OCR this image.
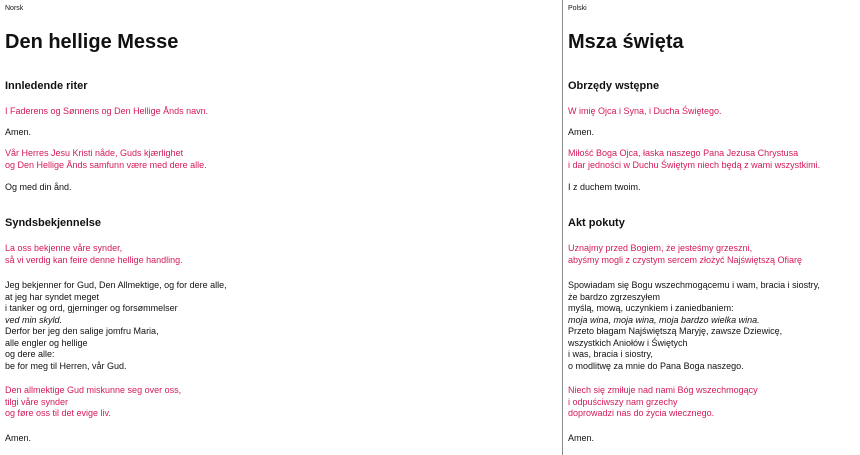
Norsk
Den hellige Messe
Innledende riter
I Faderens og Sønnens og Den Hellige Ånds navn.
Amen.
Vår Herres Jesu Kristi nåde, Guds kjærlighet
og Den Hellige Ånds samfunn være med dere alle.
Og med din ånd.
Syndsbekjennelse
La oss bekjenne våre synder,
så vi verdig kan feire denne hellige handling.
Jeg bekjenner for Gud, Den Allmektige, og for dere alle,
at jeg har syndet meget
i tanker og ord, gjerninger og forsømmelser
ved min skyld.
Derfor ber jeg den salige jomfru Maria,
alle engler og hellige
og dere alle:
be for meg til Herren, vår Gud.
Den allmektige Gud miskunne seg over oss,
tilgi våre synder
og føre oss til det evige liv.
Amen.
Polski
Msza święta
Obrzędy wstępne
W imię Ojca i Syna, i Ducha Świętego.
Amen.
Miłość Boga Ojca, łaska naszego Pana Jezusa Chrystusa
i dar jedności w Duchu Świętym niech będą z wami wszystkimi.
I z duchem twoim.
Akt pokuty
Uznajmy przed Bogiem, że jesteśmy grzeszni,
abyśmy mogli z czystym sercem złożyć Najświętszą Ofiarę
Spowiadam się Bogu wszechmogącemu i wam, bracia i siostry,
że bardzo zgrzeszyłem
myślą, mową, uczynkiem i zaniedbaniem:
moja wina, moja wina, moja bardzo wielka wina.
Przeto błagam Najświętszą Maryję, zawsze Dziewicę,
wszystkich Aniołów i Świętych
i was, bracia i siostry,
o modlitwę za mnie do Pana Boga naszego.
Niech się zmiłuje nad nami Bóg wszechmogący
i odpuściwszy nam grzechy
doprowadzi nas do życia wiecznego.
Amen.
